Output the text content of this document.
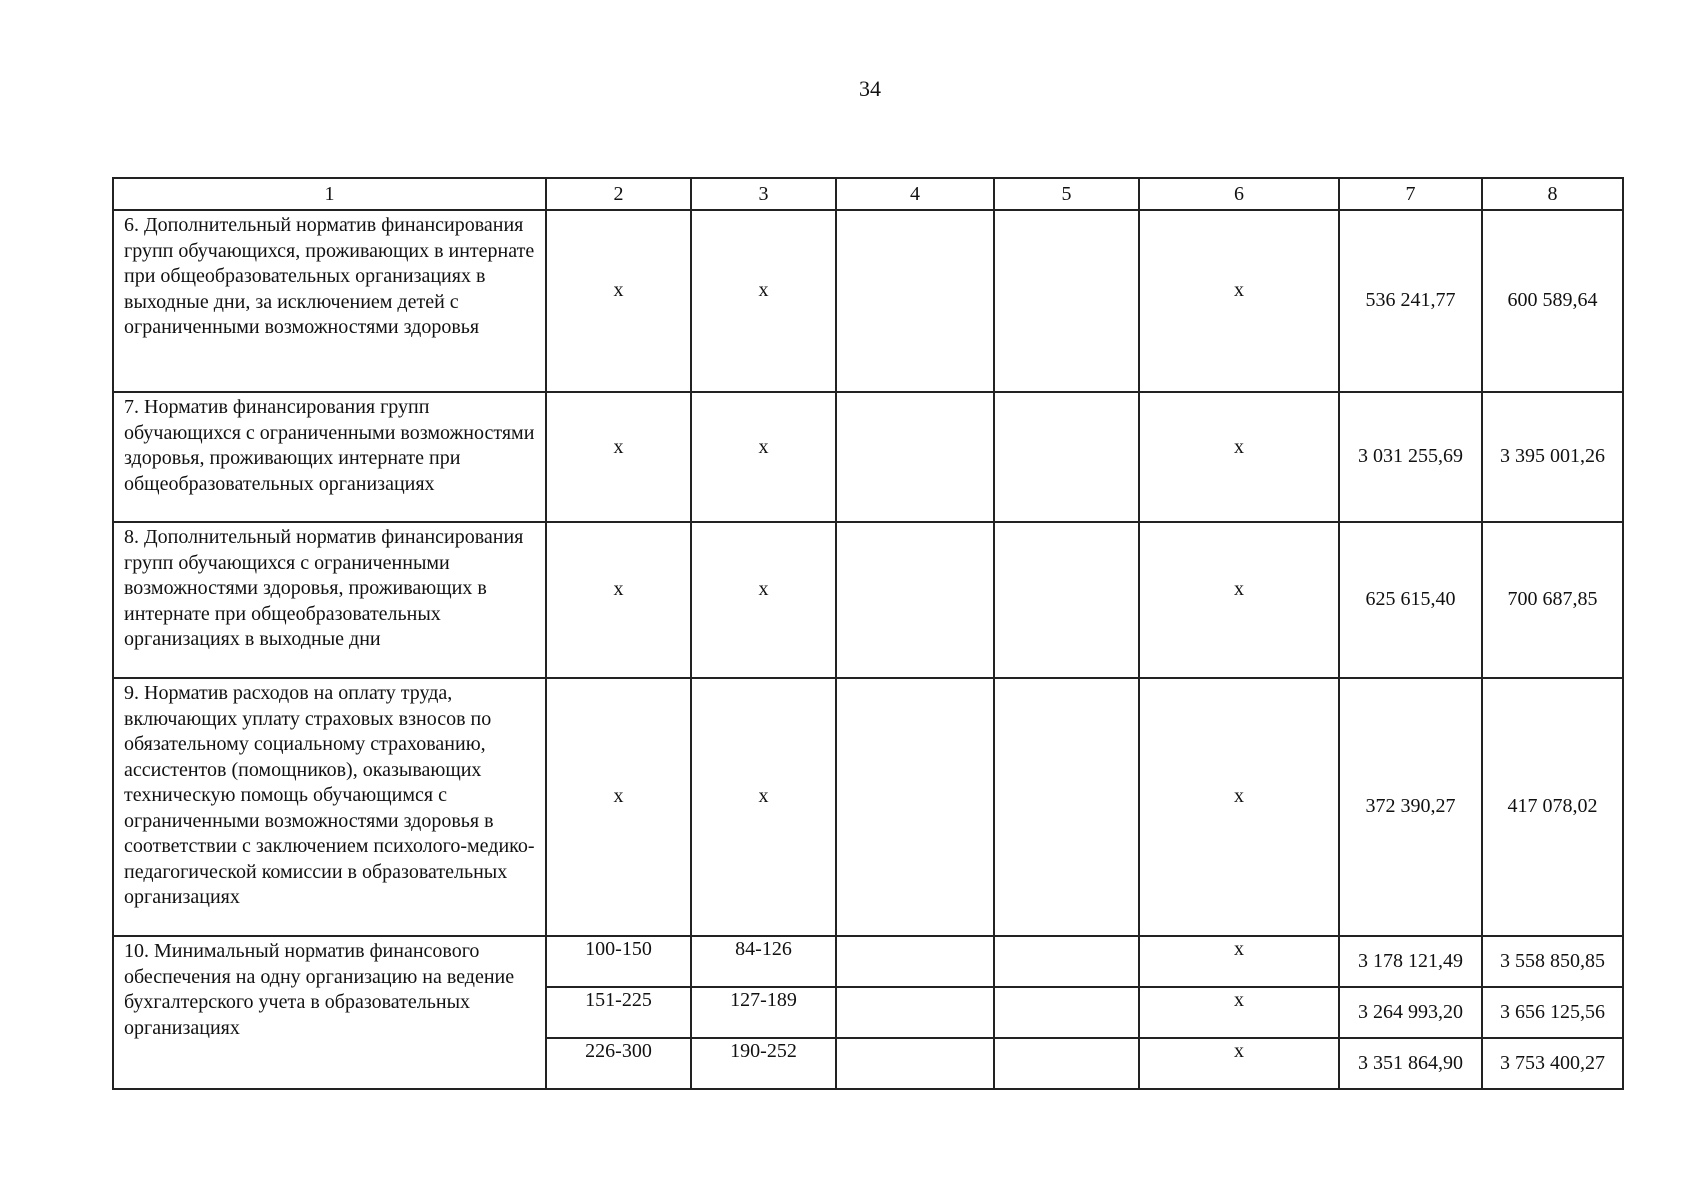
34
1	2	3	4	5	6	7	8
6. Дополнительный норматив финансирования групп обучающихся, проживающих в интернате при общеобразовательных организациях в выходные дни, за исключением детей с ограниченными возможностями здоровья	х	х			х	536 241,77	600 589,64
7. Норматив финансирования групп обучающихся с ограниченными возможностями здоровья, проживающих интернате при общеобразовательных организациях	х	х			х	3 031 255,69	3 395 001,26
8. Дополнительный норматив финансирования групп обучающихся с ограниченными возможностями здоровья, проживающих в интернате при общеобразовательных организациях в выходные дни	х	х			х	625 615,40	700 687,85
9. Норматив расходов на оплату труда, включающих уплату страховых взносов по обязательному социальному страхованию, ассистентов (помощников), оказывающих техническую помощь обучающимся с ограниченными возможностями здоровья в соответствии с заключением психолого-медико-педагогической комиссии в образовательных организациях	х	х			х	372 390,27	417 078,02
10. Минимальный норматив финансового обеспечения на одну организацию на ведение бухгалтерского учета в образовательных организациях	100-150	84-126			х	3 178 121,49	3 558 850,85
	151-225	127-189			х	3 264 993,20	3 656 125,56
	226-300	190-252			х	3 351 864,90	3 753 400,27
